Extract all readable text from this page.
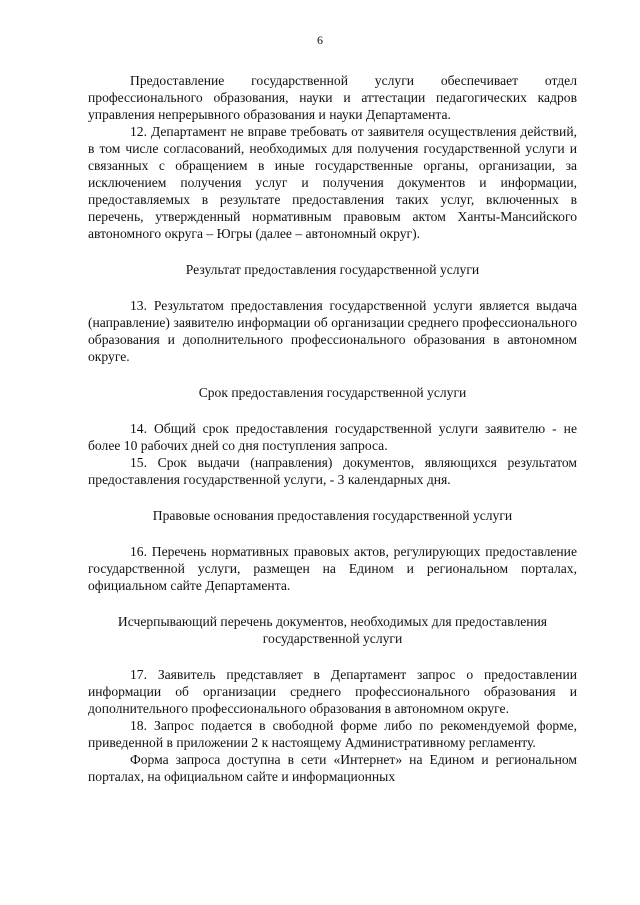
6

Предоставление государственной услуги обеспечивает отдел профессионального образования, науки и аттестации педагогических кадров управления непрерывного образования и науки Департамента.

12. Департамент не вправе требовать от заявителя осуществления действий, в том числе согласований, необходимых для получения государственной услуги и связанных с обращением в иные государственные органы, организации, за исключением получения услуг и получения документов и информации, предоставляемых в результате предоставления таких услуг, включенных в перечень, утвержденный нормативным правовым актом Ханты-Мансийского автономного округа – Югры (далее – автономный округ).

Результат предоставления государственной услуги

13. Результатом предоставления государственной услуги является выдача (направление) заявителю информации об организации среднего профессионального образования и дополнительного профессионального образования в автономном округе.

Срок предоставления государственной услуги

14. Общий срок предоставления государственной услуги заявителю - не более 10 рабочих дней со дня поступления запроса.

15. Срок выдачи (направления) документов, являющихся результатом предоставления государственной услуги, - 3 календарных дня.

Правовые основания предоставления государственной услуги

16. Перечень нормативных правовых актов, регулирующих предоставление государственной услуги, размещен на Едином и региональном порталах, официальном сайте Департамента.

Исчерпывающий перечень документов, необходимых для предоставления государственной услуги

17. Заявитель представляет в Департамент запрос о предоставлении информации об организации среднего профессионального образования и дополнительного профессионального образования в автономном округе.

18. Запрос подается в свободной форме либо по рекомендуемой форме, приведенной в приложении 2 к настоящему Административному регламенту.

Форма запроса доступна в сети «Интернет» на Едином и региональном порталах, на официальном сайте и информационных
